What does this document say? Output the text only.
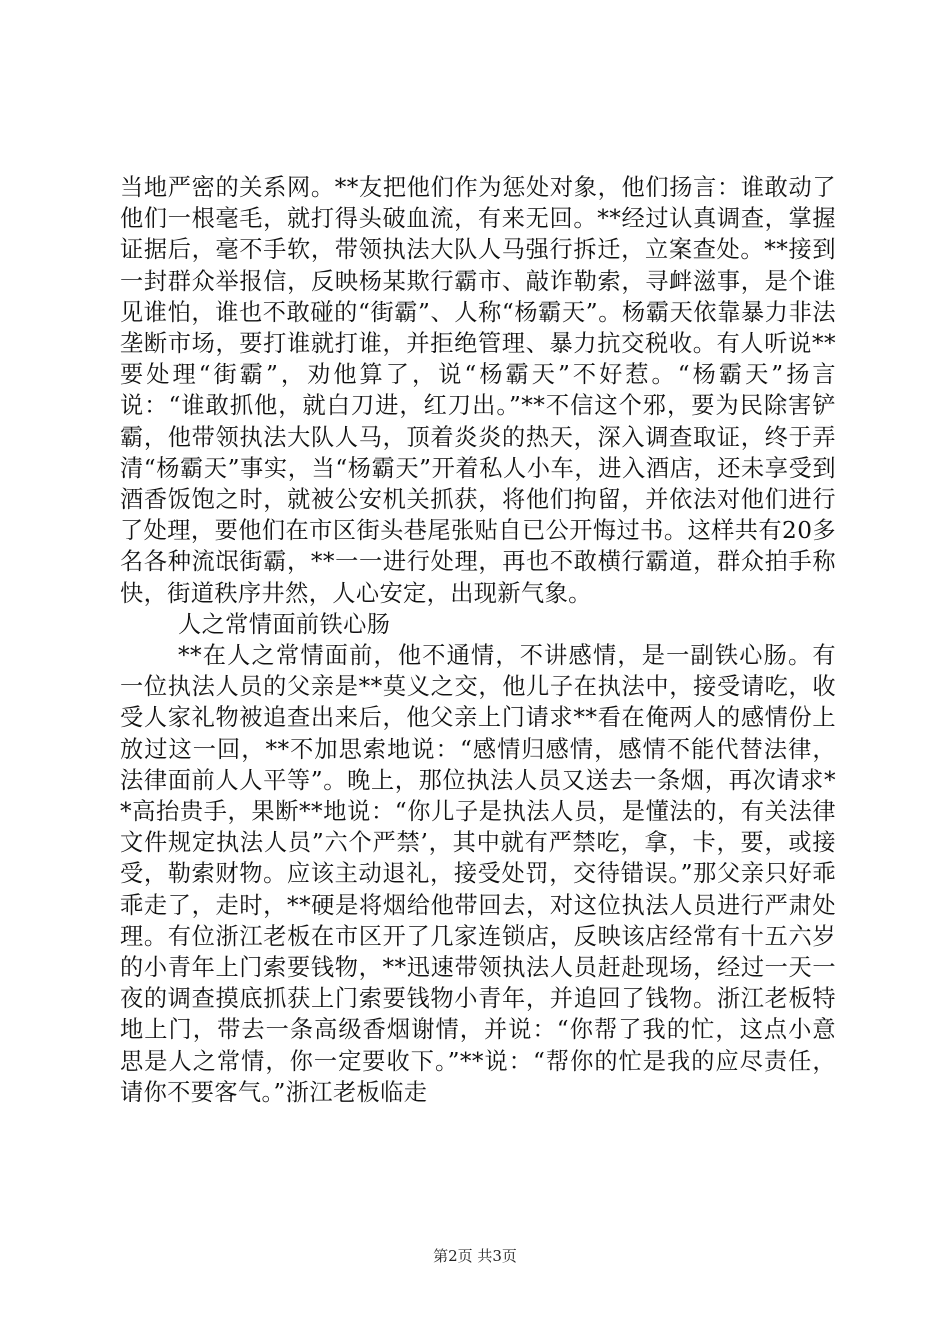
当地严密的关系网。**友把他们作为惩处对象，他们扬言：谁敢动了他们一根毫毛，就打得头破血流，有来无回。**经过认真调查，掌握证据后，毫不手软，带领执法大队人马强行拆迁，立案查处。**接到一封群众举报信，反映杨某欺行霸市、敲诈勒索，寻衅滋事，是个谁见谁怕，谁也不敢碰的“街霸”、人称“杨霸天”。杨霸天依靠暴力非法垄断市场，要打谁就打谁，并拒绝管理、暴力抗交税收。有人听说**要处理“街霸”，劝他算了，说“杨霸天”不好惹。“杨霸天”扬言说：“谁敢抓他，就白刀进，红刀出。”**不信这个邪，要为民除害铲霸，他带领执法大队人马，顶着炎炎的热天，深入调查取证，终于弄清“杨霸天”事实，当“杨霸天”开着私人小车，进入酒店，还未享受到酒香饭饱之时，就被公安机关抓获，将他们拘留，并依法对他们进行了处理，要他们在市区街头巷尾张贴自已公开悔过书。这样共有20多名各种流氓街霸，**一一进行处理，再也不敢横行霸道，群众拍手称快，街道秩序井然，人心安定，出现新气象。

人之常情面前铁心肠

**在人之常情面前，他不通情，不讲感情，是一副铁心肠。有一位执法人员的父亲是**莫义之交，他儿子在执法中，接受请吃，收受人家礼物被追查出来后，他父亲上门请求**看在俺两人的感情份上放过这一回，**不加思索地说：“感情归感情，感情不能代替法律，法律面前人人平等”。晚上，那位执法人员又送去一条烟，再次请求**高抬贵手，果断**地说：“你儿子是执法人员，是懂法的，有关法律文件规定执法人员”六个严禁’，其中就有严禁吃，拿，卡，要，或接受，勒索财物。应该主动退礼，接受处罚，交待错误。”那父亲只好乖乖走了，走时，**硬是将烟给他带回去，对这位执法人员进行严肃处理。有位浙江老板在市区开了几家连锁店，反映该店经常有十五六岁的小青年上门索要钱物，**迅速带领执法人员赶赴现场，经过一天一夜的调查摸底抓获上门索要钱物小青年，并追回了钱物。浙江老板特地上门，带去一条高级香烟谢情，并说：“你帮了我的忙，这点小意思是人之常情，你一定要收下。”**说：“帮你的忙是我的应尽责任，请你不要客气。”浙江老板临走

第2页 共3页
